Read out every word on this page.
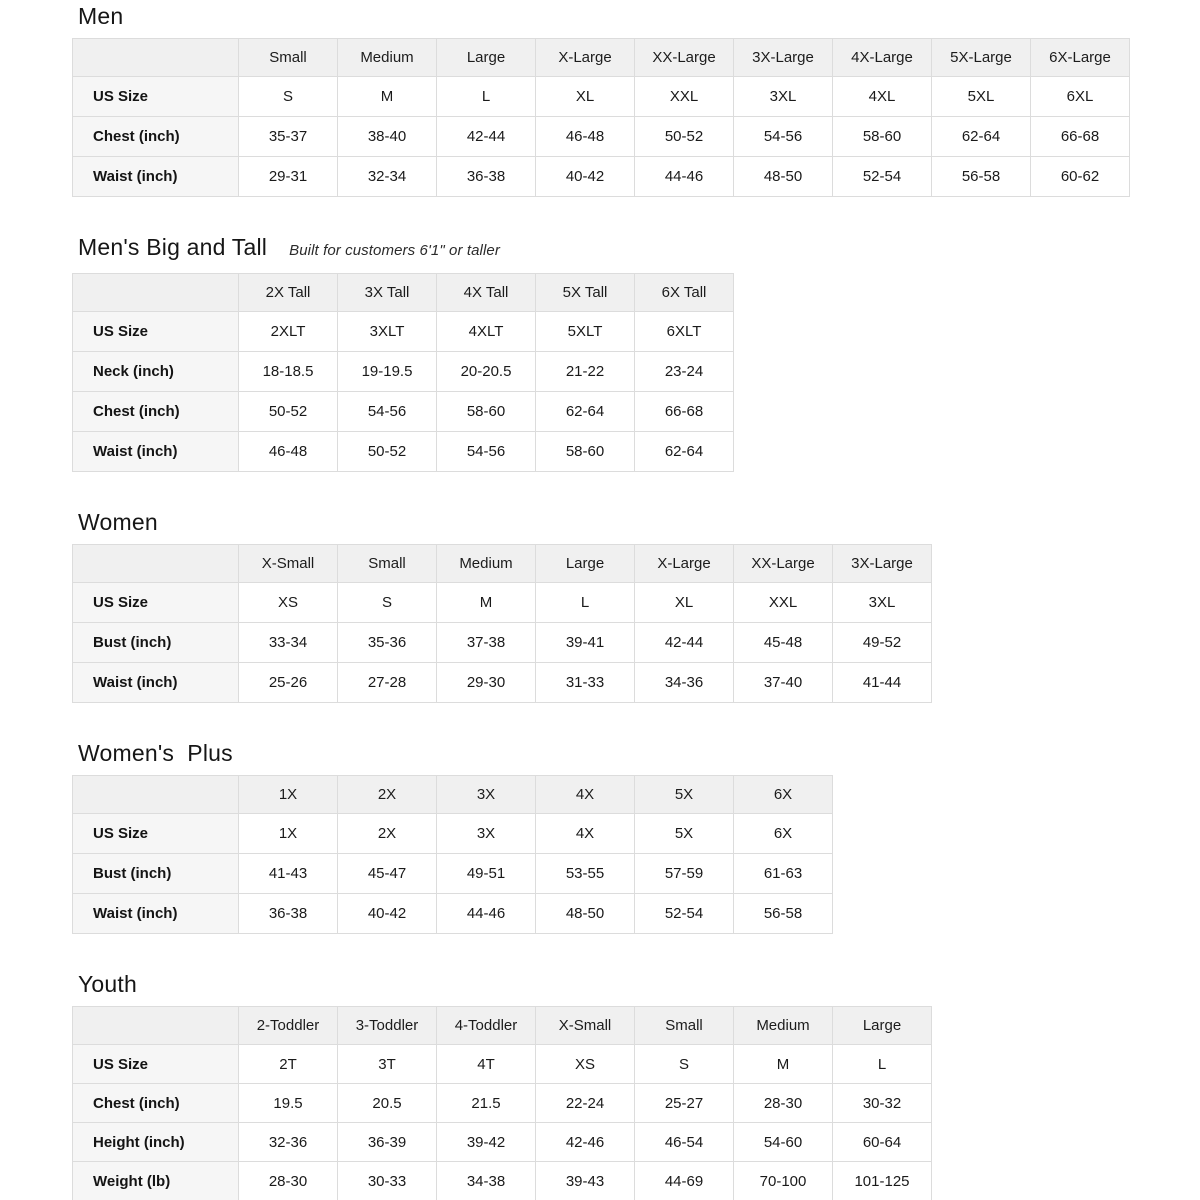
Men
	Small	Medium	Large	X-Large	XX-Large	3X-Large	4X-Large	5X-Large	6X-Large
US Size	S	M	L	XL	XXL	3XL	4XL	5XL	6XL
Chest (inch)	35-37	38-40	42-44	46-48	50-52	54-56	58-60	62-64	66-68
Waist (inch)	29-31	32-34	36-38	40-42	44-46	48-50	52-54	56-58	60-62
Men's Big and Tall Built for customers 6'1" or taller
	2X Tall	3X Tall	4X Tall	5X Tall	6X Tall
US Size	2XLT	3XLT	4XLT	5XLT	6XLT
Neck (inch)	18-18.5	19-19.5	20-20.5	21-22	23-24
Chest (inch)	50-52	54-56	58-60	62-64	66-68
Waist (inch)	46-48	50-52	54-56	58-60	62-64
Women
	X-Small	Small	Medium	Large	X-Large	XX-Large	3X-Large
US Size	XS	S	M	L	XL	XXL	3XL
Bust (inch)	33-34	35-36	37-38	39-41	42-44	45-48	49-52
Waist (inch)	25-26	27-28	29-30	31-33	34-36	37-40	41-44
Women's  Plus
	1X	2X	3X	4X	5X	6X
US Size	1X	2X	3X	4X	5X	6X
Bust (inch)	41-43	45-47	49-51	53-55	57-59	61-63
Waist (inch)	36-38	40-42	44-46	48-50	52-54	56-58
Youth
	2-Toddler	3-Toddler	4-Toddler	X-Small	Small	Medium	Large
US Size	2T	3T	4T	XS	S	M	L
Chest (inch)	19.5	20.5	21.5	22-24	25-27	28-30	30-32
Height (inch)	32-36	36-39	39-42	42-46	46-54	54-60	60-64
Weight (lb)	28-30	30-33	34-38	39-43	44-69	70-100	101-125
